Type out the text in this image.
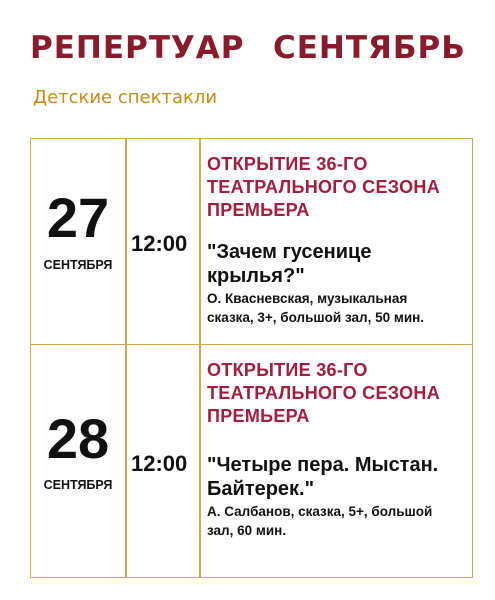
РЕПЕРТУАР СЕНТЯБРЬ
Детские спектакли
27
СЕНТЯБРЯ
12:00
ОТКРЫТИЕ 36-ГО
ТЕАТРАЛЬНОГО СЕЗОНА
ПРЕМЬЕРА
"Зачем гусенице
крылья?"
О. Квасневская, музыкальная
сказка, 3+, большой зал, 50 мин.
28
СЕНТЯБРЯ
12:00
ОТКРЫТИЕ 36-ГО
ТЕАТРАЛЬНОГО СЕЗОНА
ПРЕМЬЕРА
"Четыре пера. Мыстан.
Байтерек."
А. Салбанов, сказка, 5+, большой
зал, 60 мин.
